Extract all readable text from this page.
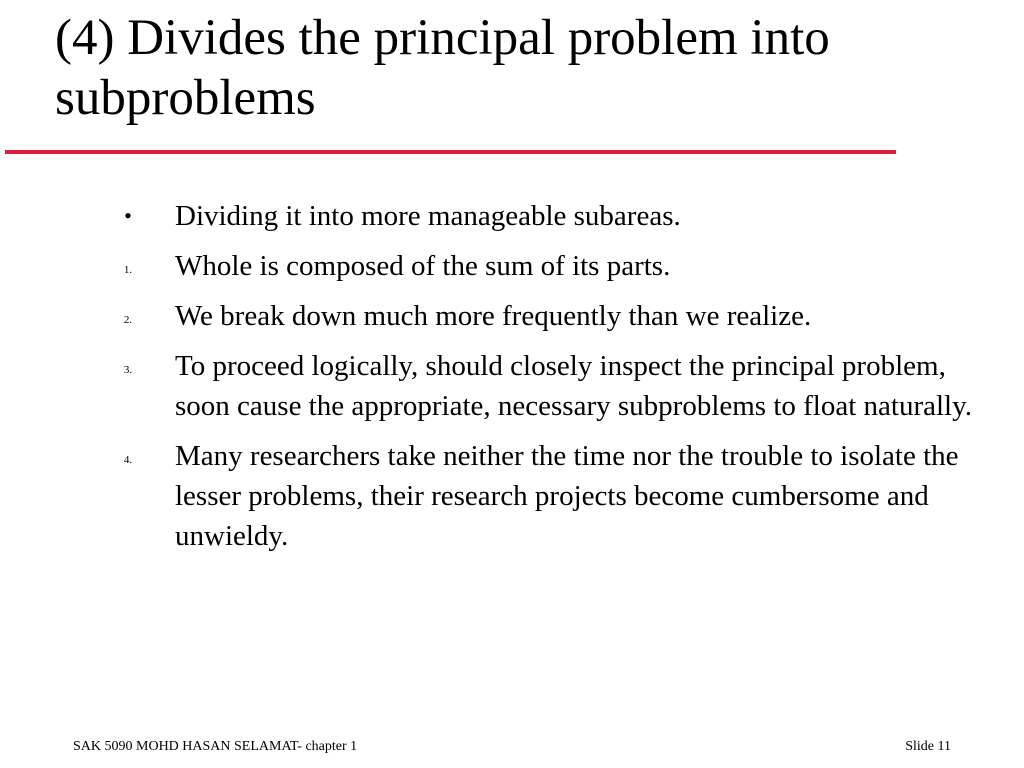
(4) Divides the principal problem into subproblems
•	Dividing it into more manageable subareas.
1.	Whole is composed of the sum of its parts.
2.	We break down much more frequently than we realize.
3.	To proceed logically, should closely inspect the principal problem, soon cause the appropriate, necessary subproblems to float naturally.
4.	Many researchers take neither the time nor the trouble to isolate the lesser problems, their research projects become cumbersome and unwieldy.
SAK 5090 MOHD HASAN SELAMAT- chapter 1	Slide 11
